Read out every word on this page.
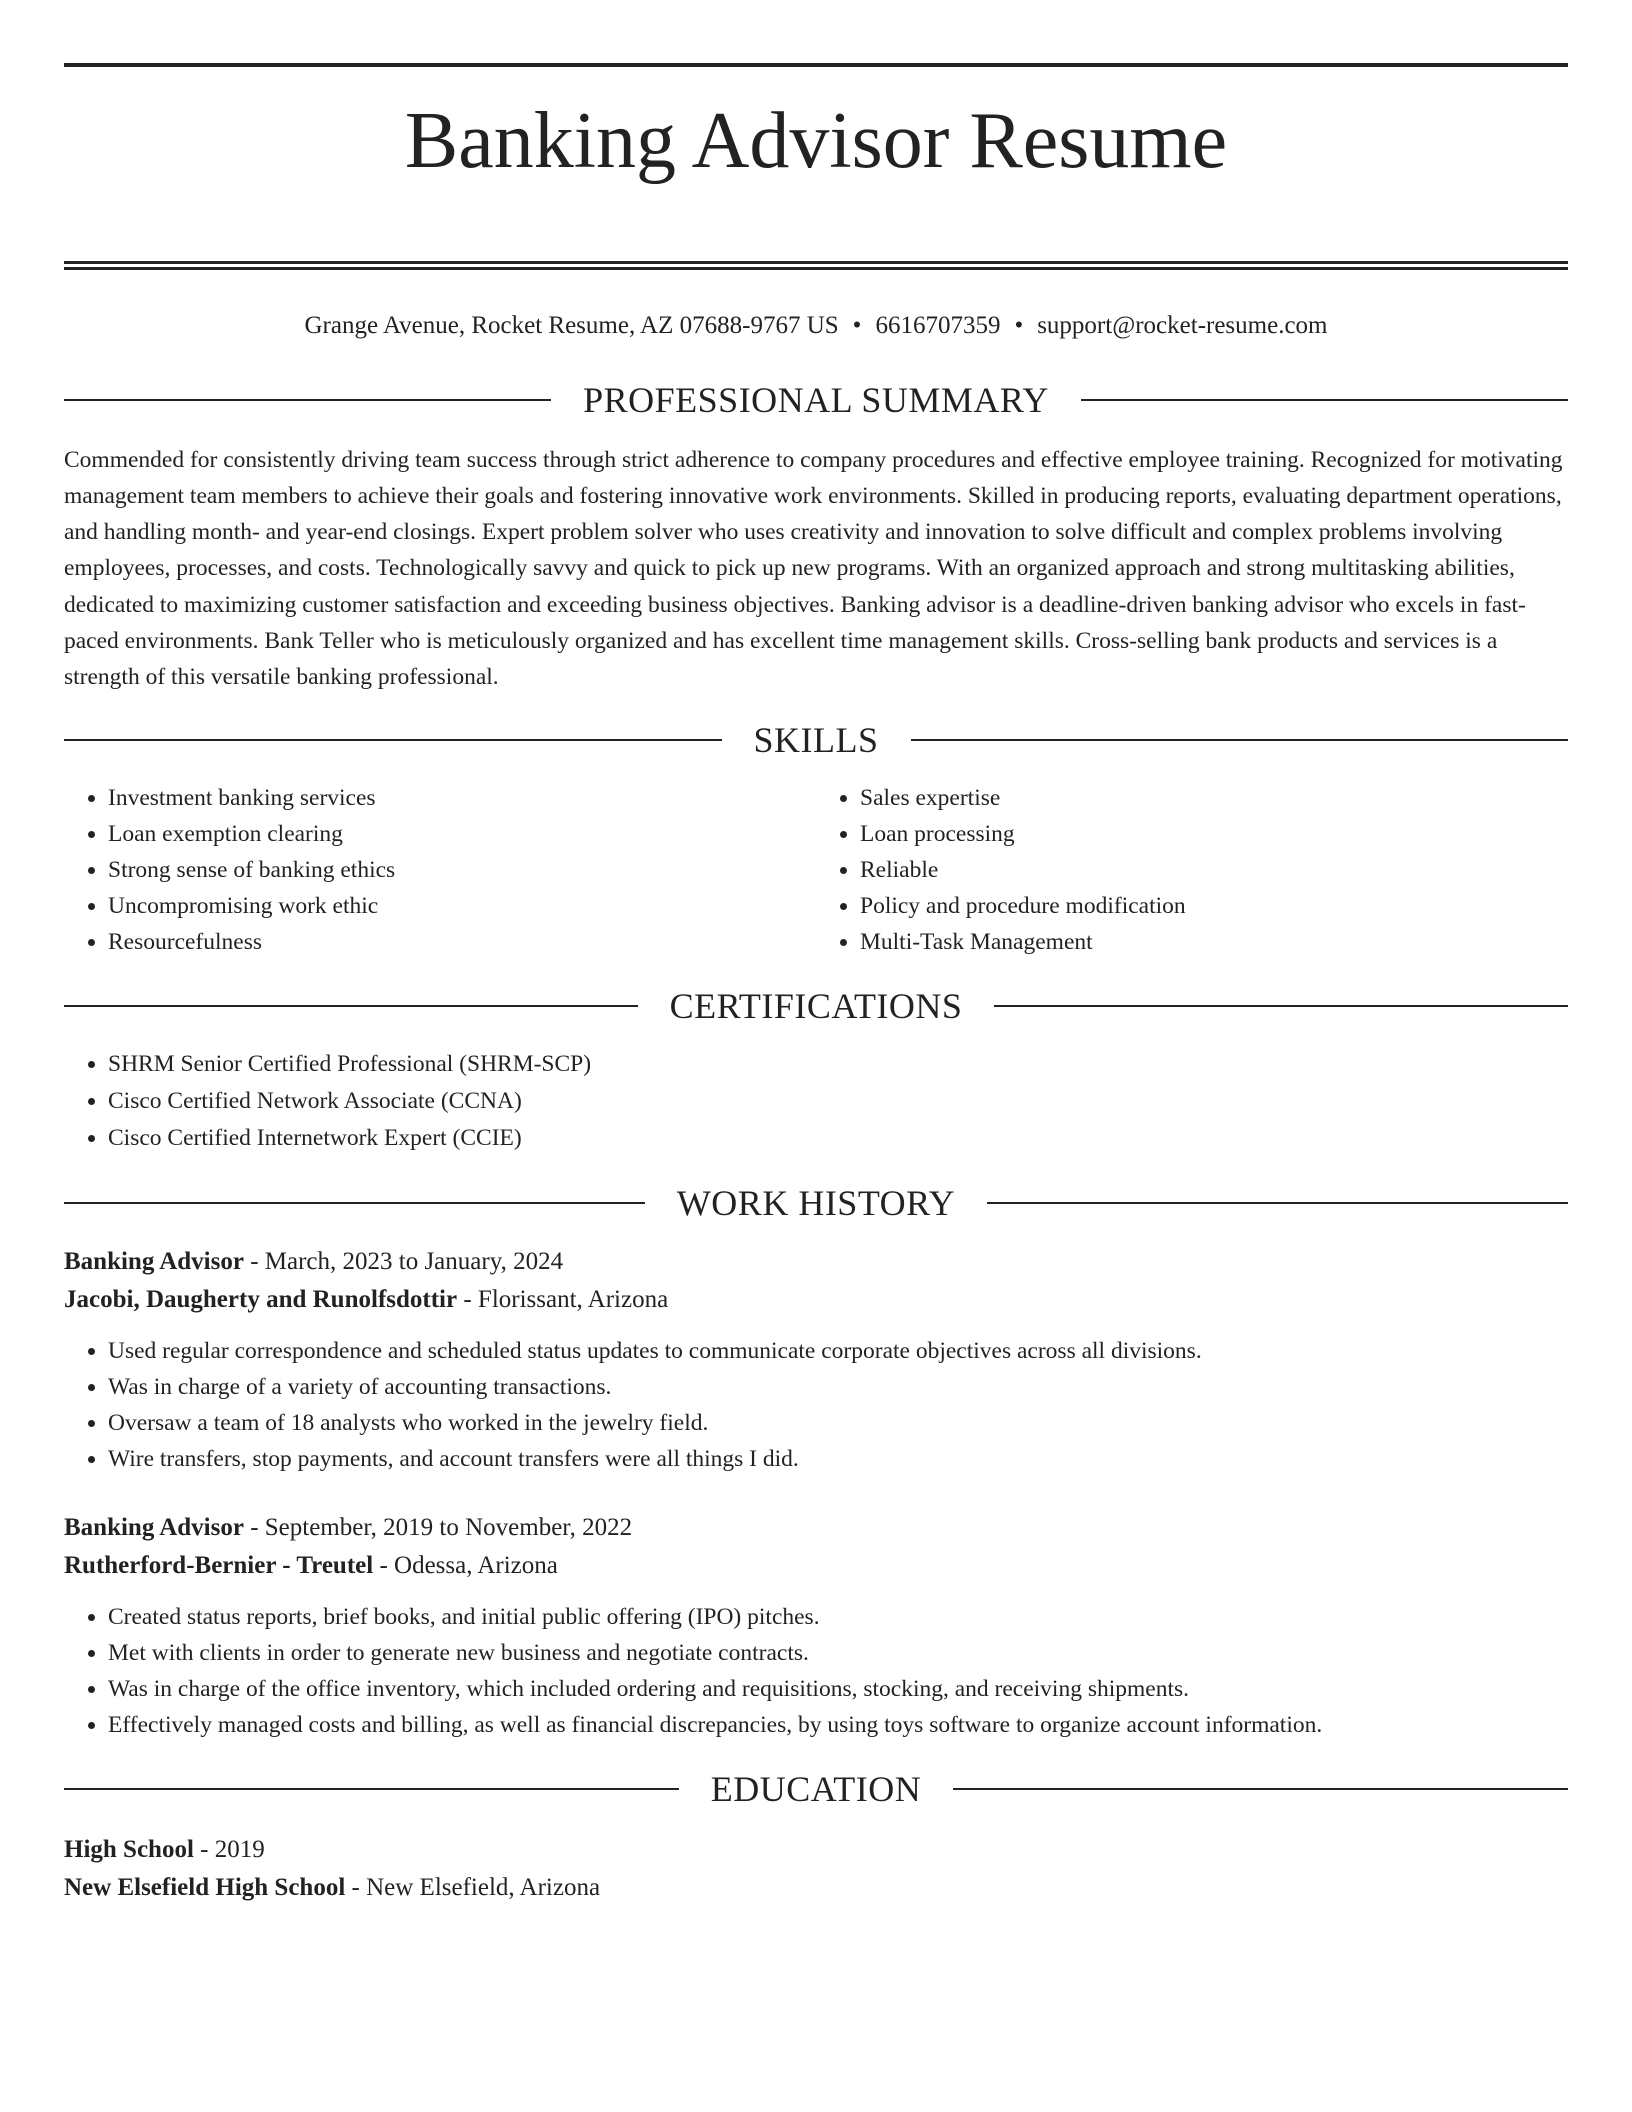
Banking Advisor Resume
Grange Avenue, Rocket Resume, AZ 07688-9767 US • 6616707359 • support@rocket-resume.com
PROFESSIONAL SUMMARY
Commended for consistently driving team success through strict adherence to company procedures and effective employee training. Recognized for motivating management team members to achieve their goals and fostering innovative work environments. Skilled in producing reports, evaluating department operations, and handling month- and year-end closings. Expert problem solver who uses creativity and innovation to solve difficult and complex problems involving employees, processes, and costs. Technologically savvy and quick to pick up new programs. With an organized approach and strong multitasking abilities, dedicated to maximizing customer satisfaction and exceeding business objectives. Banking advisor is a deadline-driven banking advisor who excels in fast-paced environments. Bank Teller who is meticulously organized and has excellent time management skills. Cross-selling bank products and services is a strength of this versatile banking professional.
SKILLS
• Investment banking services
• Loan exemption clearing
• Strong sense of banking ethics
• Uncompromising work ethic
• Resourcefulness
• Sales expertise
• Loan processing
• Reliable
• Policy and procedure modification
• Multi-Task Management
CERTIFICATIONS
• SHRM Senior Certified Professional (SHRM-SCP)
• Cisco Certified Network Associate (CCNA)
• Cisco Certified Internetwork Expert (CCIE)
WORK HISTORY
Banking Advisor - March, 2023 to January, 2024
Jacobi, Daugherty and Runolfsdottir - Florissant, Arizona
• Used regular correspondence and scheduled status updates to communicate corporate objectives across all divisions.
• Was in charge of a variety of accounting transactions.
• Oversaw a team of 18 analysts who worked in the jewelry field.
• Wire transfers, stop payments, and account transfers were all things I did.
Banking Advisor - September, 2019 to November, 2022
Rutherford-Bernier - Treutel - Odessa, Arizona
• Created status reports, brief books, and initial public offering (IPO) pitches.
• Met with clients in order to generate new business and negotiate contracts.
• Was in charge of the office inventory, which included ordering and requisitions, stocking, and receiving shipments.
• Effectively managed costs and billing, as well as financial discrepancies, by using toys software to organize account information.
EDUCATION
High School - 2019
New Elsefield High School - New Elsefield, Arizona
